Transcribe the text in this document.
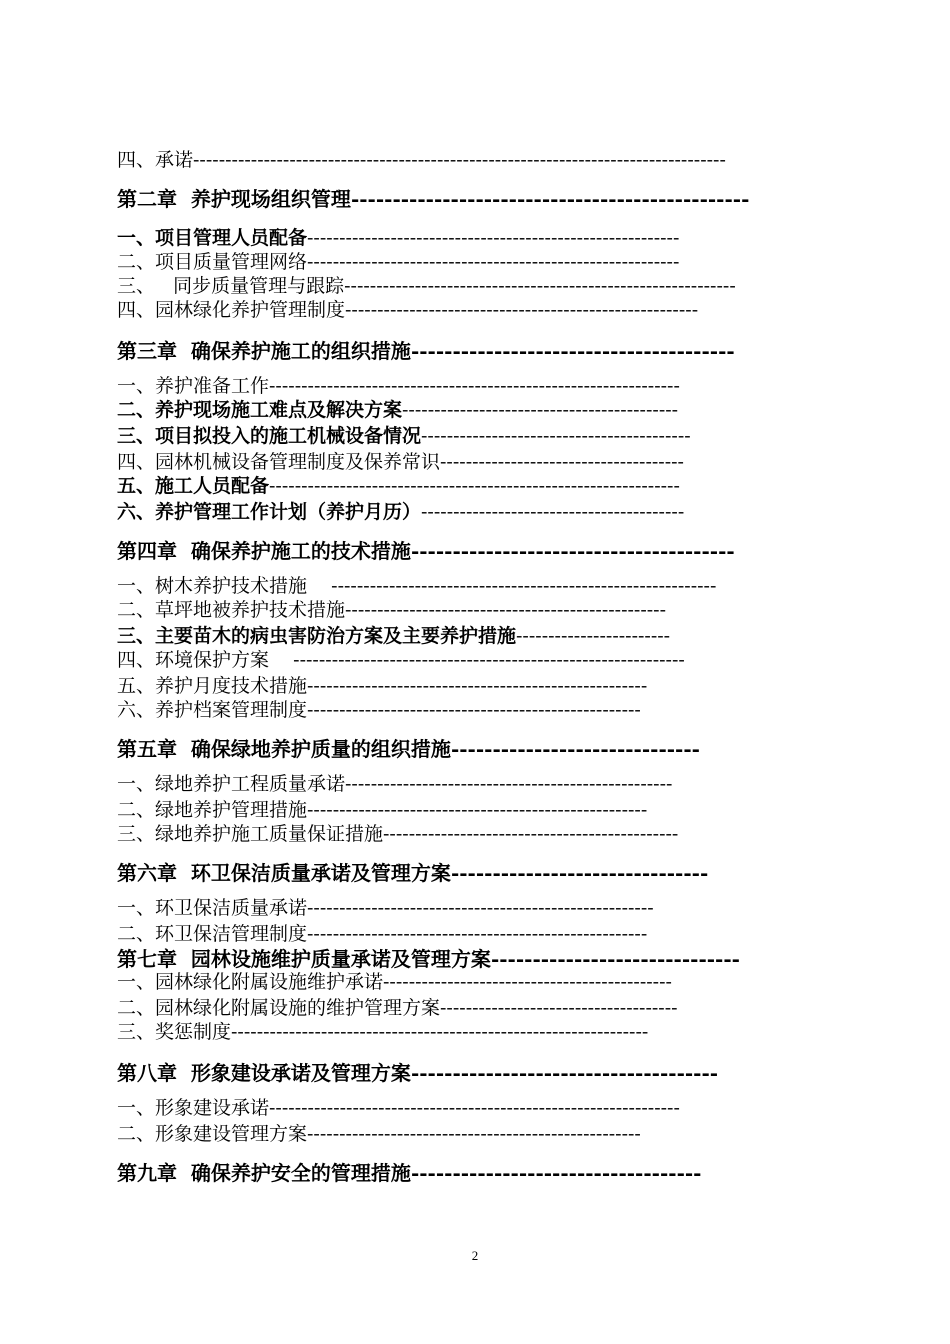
四、承诺-----------------------------------------------------------------------------------
第二章  养护现场组织管理------------------------------------------------
一、项目管理人员配备----------------------------------------------------------
二、项目质量管理网络----------------------------------------------------------
三、   同步质量管理与跟踪-------------------------------------------------------------
四、园林绿化养护管理制度-------------------------------------------------------
第三章  确保养护施工的组织措施---------------------------------------
一、养护准备工作----------------------------------------------------------------
二、养护现场施工难点及解决方案-------------------------------------------
三、项目拟投入的施工机械设备情况------------------------------------------
四、园林机械设备管理制度及保养常识--------------------------------------
五、施工人员配备----------------------------------------------------------------
六、养护管理工作计划（养护月历）-----------------------------------------
第四章  确保养护施工的技术措施---------------------------------------
一、树木养护技术措施    ------------------------------------------------------------
二、草坪地被养护技术措施--------------------------------------------------
三、主要苗木的病虫害防治方案及主要养护措施------------------------
四、环境保护方案    -------------------------------------------------------------
五、养护月度技术措施-----------------------------------------------------
六、养护档案管理制度----------------------------------------------------
第五章  确保绿地养护质量的组织措施------------------------------
一、绿地养护工程质量承诺---------------------------------------------------
二、绿地养护管理措施-----------------------------------------------------
三、绿地养护施工质量保证措施----------------------------------------------
第六章  环卫保洁质量承诺及管理方案-------------------------------
一、环卫保洁质量承诺------------------------------------------------------
二、环卫保洁管理制度-----------------------------------------------------
第七章  园林设施维护质量承诺及管理方案------------------------------
一、园林绿化附属设施维护承诺---------------------------------------------
二、园林绿化附属设施的维护管理方案-------------------------------------
三、奖惩制度-----------------------------------------------------------------
第八章  形象建设承诺及管理方案-------------------------------------
一、形象建设承诺----------------------------------------------------------------
二、形象建设管理方案----------------------------------------------------
第九章  确保养护安全的管理措施-----------------------------------
2
